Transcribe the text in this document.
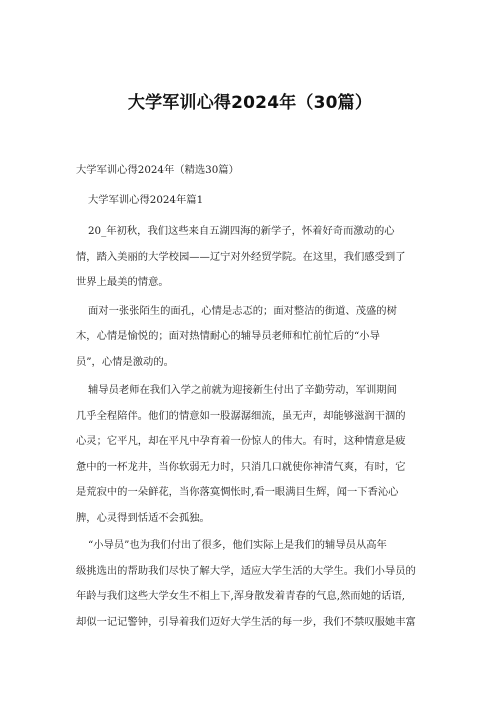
大学军训心得2024年（30篇）
大学军训心得2024年（精选30篇）
大学军训心得2024年篇1
20_年初秋，我们这些来自五湖四海的新学子，怀着好奇而激动的心
情，踏入美丽的大学校园——辽宁对外经贸学院。在这里，我们感受到了
世界上最美的情意。
面对一张张陌生的面孔，心情是忐忑的；面对整洁的街道、茂盛的树
木，心情是愉悦的；面对热情耐心的辅导员老师和忙前忙后的“小导
员”，心情是激动的。
辅导员老师在我们入学之前就为迎接新生付出了辛勤劳动，军训期间
几乎全程陪伴。他们的情意如一股潺潺细流，虽无声，却能够滋润干涸的
心灵；它平凡，却在平凡中孕育着一份惊人的伟大。有时，这种情意是疲
惫中的一杯龙井，当你软弱无力时，只消几口就使你神清气爽，有时，它
是荒寂中的一朵鲜花，当你落寞惆怅时,看一眼满目生辉，闻一下香沁心
脾，心灵得到恬适不会孤独。
“小导员”也为我们付出了很多，他们实际上是我们的辅导员从高年
级挑选出的帮助我们尽快了解大学，适应大学生活的大学生。我们小导员的
年龄与我们这些大学女生不相上下,浑身散发着青春的气息,然而她的话语,
却似一记记警钟，引导着我们迈好大学生活的每一步，我们不禁叹服她丰富
